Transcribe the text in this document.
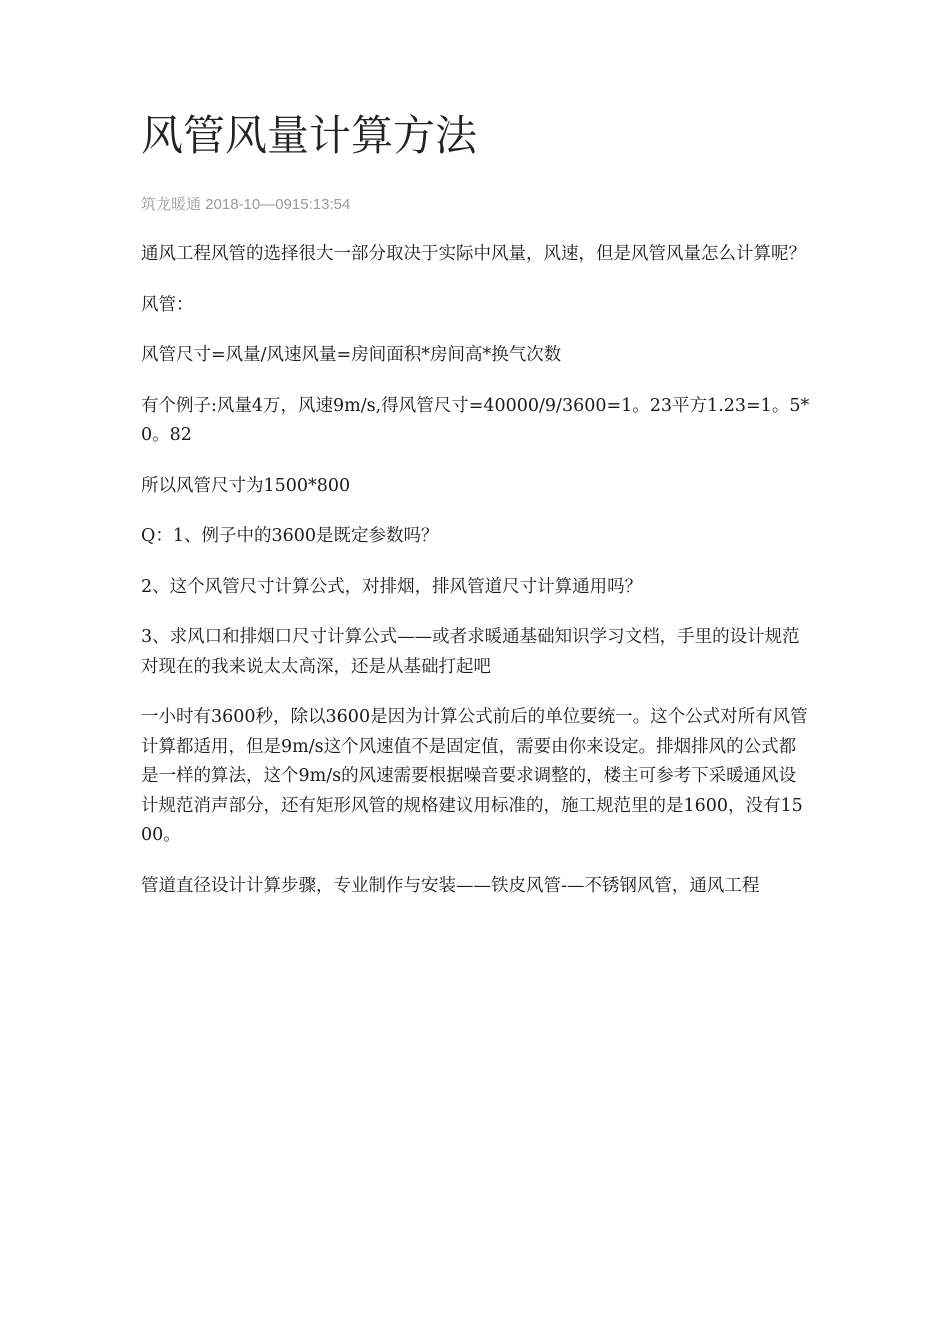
风管风量计算方法
筑龙暖通 2018-10—0915:13:54

通风工程风管的选择很大一部分取决于实际中风量，风速，但是风管风量怎么计算呢？

风管：

风管尺寸=风量/风速风量=房间面积*房间高*换气次数

有个例子:风量4万，风速9m/s,得风管尺寸=40000/9/3600=1。23平方1.23=1。5*0。82

所以风管尺寸为1500*800

Q：1、例子中的3600是既定参数吗？

2、这个风管尺寸计算公式，对排烟，排风管道尺寸计算通用吗？

3、求风口和排烟口尺寸计算公式——或者求暖通基础知识学习文档，手里的设计规范对现在的我来说太太高深，还是从基础打起吧

一小时有3600秒，除以3600是因为计算公式前后的单位要统一。这个公式对所有风管计算都适用，但是9m/s这个风速值不是固定值，需要由你来设定。排烟排风的公式都是一样的算法，这个9m/s的风速需要根据噪音要求调整的，楼主可参考下采暖通风设计规范消声部分，还有矩形风管的规格建议用标准的，施工规范里的是1600，没有1500。

管道直径设计计算步骤，专业制作与安装——铁皮风管-—不锈钢风管，通风工程
